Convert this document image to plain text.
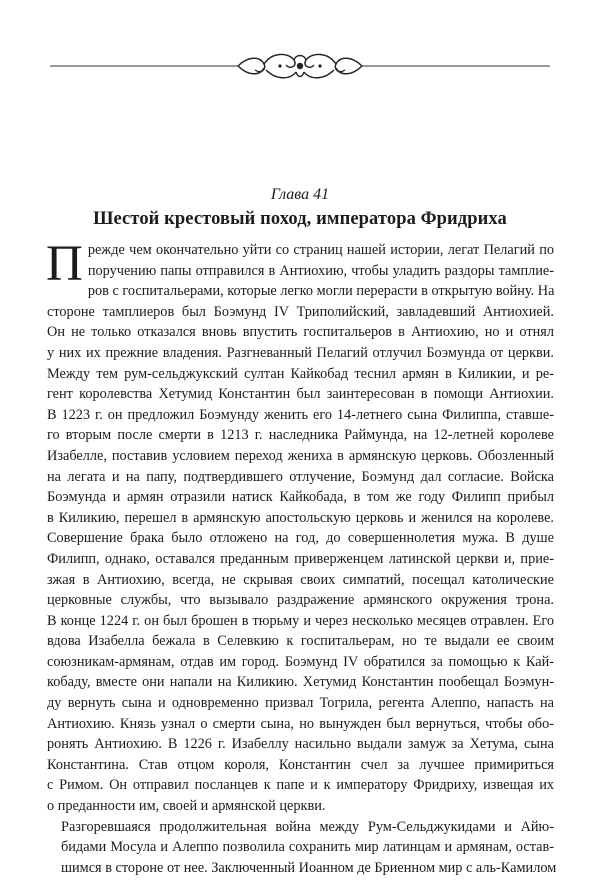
Глава 41
Шестой крестовый поход, императора Фридриха

П режде чем окончательно уйти со страниц нашей истории, легат Пелагий по
поручению папы отправился в Антиохию, чтобы уладить раздоры тамплие-
ров с госпитальерами, которые легко могли перерасти в открытую войну. На
стороне тамплиеров был Боэмунд IV Триполийский, завладевший Антиохией.
Он не только отказался вновь впустить госпитальеров в Антиохию, но и отнял
у них их прежние владения. Разгневанный Пелагий отлучил Боэмунда от церкви.
Между тем рум-сельджукский султан Кайкобад теснил армян в Киликии, и ре-
гент королевства Хетумид Константин был заинтересован в помощи Антиохии.
В 1223 г. он предложил Боэмунду женить его 14-летнего сына Филиппа, ставше-
го вторым после смерти в 1213 г. наследника Раймунда, на 12-летней королеве
Изабелле, поставив условием переход жениха в армянскую церковь. Обозленный
на легата и на папу, подтвердившего отлучение, Боэмунд дал согласие. Войска
Боэмунда и армян отразили натиск Кайкобада, в том же году Филипп прибыл
в Киликию, перешел в армянскую апостольскую церковь и женился на королеве.
Совершение брака было отложено на год, до совершеннолетия мужа. В душе
Филипп, однако, оставался преданным приверженцем латинской церкви и, прие-
зжая в Антиохию, всегда, не скрывая своих симпатий, посещал католические
церковные службы, что вызывало раздражение армянского окружения трона.
В конце 1224 г. он был брошен в тюрьму и через несколько месяцев отравлен. Его
вдова Изабелла бежала в Селевкию к госпитальерам, но те выдали ее своим
союзникам-армянам, отдав им город. Боэмунд IV обратился за помощью к Кай-
кобаду, вместе они напали на Киликию. Хетумид Константин пообещал Боэмун-
ду вернуть сына и одновременно призвал Тогрила, регента Алеппо, напасть на
Антиохию. Князь узнал о смерти сына, но вынужден был вернуться, чтобы обо-
ронять Антиохию. В 1226 г. Изабеллу насильно выдали замуж за Хетума, сына
Константина. Став отцом короля, Константин счел за лучшее примириться
с Римом. Он отправил посланцев к папе и к императору Фридриху, извещая их
о преданности им, своей и армянской церкви.

Разгоревшаяся продолжительная война между Рум-Сельджукидами и Айю-
бидами Мосула и Алеппо позволила сохранить мир латинцам и армянам, остав-
шимся в стороне от нее. Заключенный Иоанном де Бриенном мир с аль-Камилом
